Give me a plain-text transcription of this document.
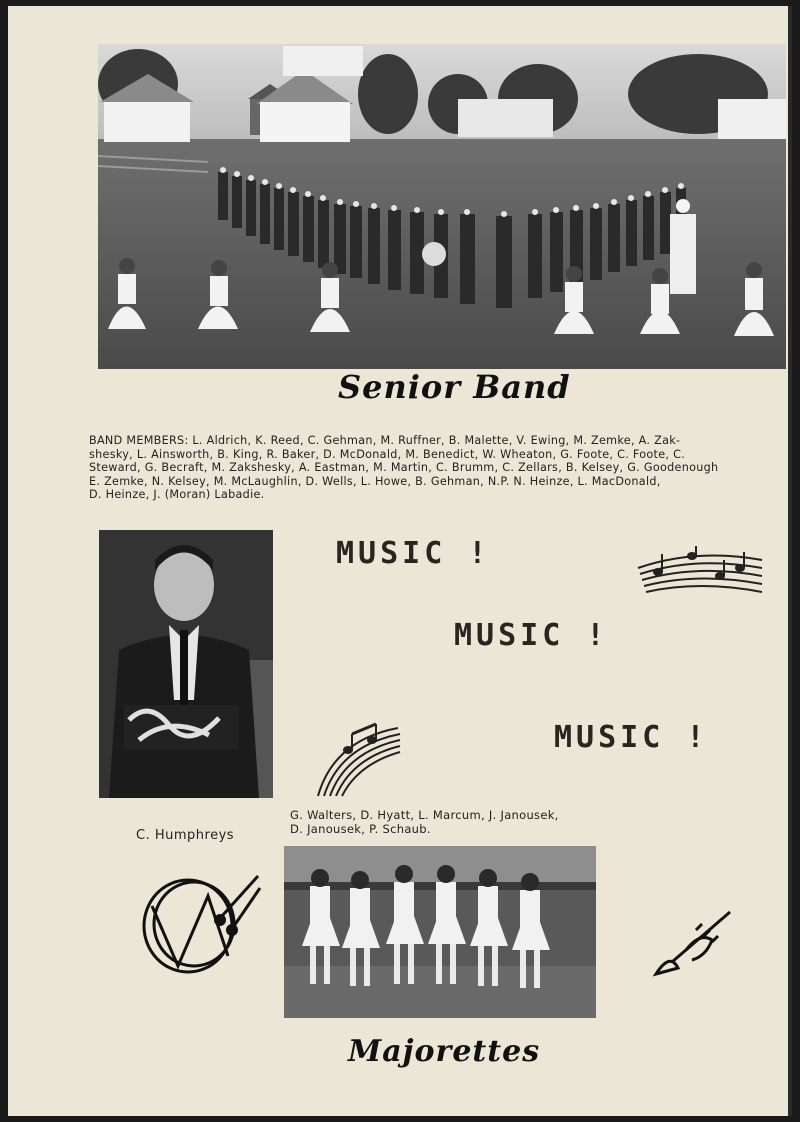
Senior Band
BAND MEMBERS: L. Aldrich, K. Reed, C. Gehman, M. Ruffner, B. Malette, V. Ewing, M. Zemke, A. Zak-
shesky, L. Ainsworth, B. King, R. Baker, D. McDonald, M. Benedict, W. Wheaton, G. Foote, C. Foote, C.
Steward, G. Becraft, M. Zakshesky, A. Eastman, M. Martin, C. Brumm, C. Zellars, B. Kelsey, G. Goodenough
E. Zemke, N. Kelsey, M. McLaughlin, D. Wells, L. Howe, B. Gehman, N.P. N. Heinze, L. MacDonald,
D. Heinze, J. (Moran) Labadie.
C. Humphreys
MUSIC !
MUSIC !
MUSIC !
G. Walters, D. Hyatt, L. Marcum, J. Janousek,
D. Janousek, P. Schaub.
Majorettes
